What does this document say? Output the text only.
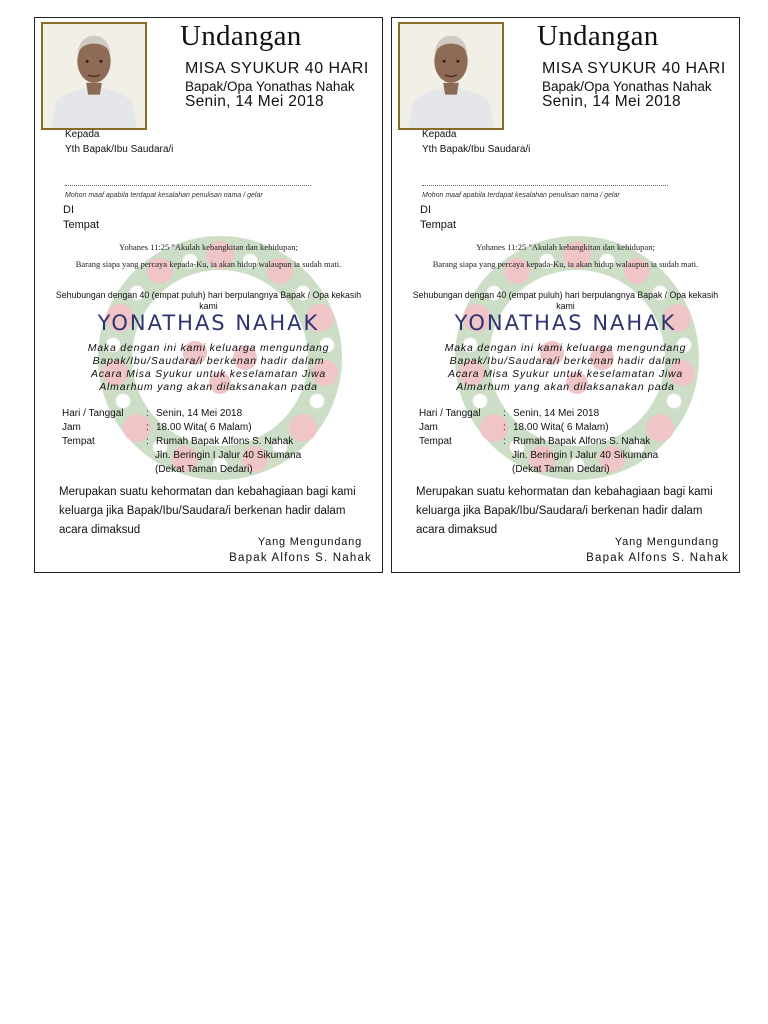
Undangan
MISA SYUKUR 40 HARI
Bapak/Opa Yonathas Nahak
Senin, 14 Mei 2018
Kepada
Yth Bapak/Ibu Saudara/i
Mohon maaf apabila terdapat kesalahan penulisan nama / gelar
DI
Tempat
Yohanes 11:25 "Akulah kebangkitan dan kehidupan;
Barang siapa yang percaya kepada-Ku, ia akan hidup walaupun ia sudah mati.
Sehubungan dengan 40 (empat puluh) hari berpulangnya Bapak / Opa kekasih kami
YONATHAS NAHAK
Maka dengan ini kami keluarga mengundang
Bapak/Ibu/Saudara/i berkenan hadir dalam
Acara Misa Syukur untuk keselamatan Jiwa
Almarhum yang akan dilaksanakan pada
Hari / Tanggal : Senin, 14 Mei 2018
Jam	: 18.00 Wita( 6 Malam)
Tempat	: Rumah Bapak Alfons S. Nahak
Jln. Beringin I Jalur 40 Sikumana
(Dekat Taman Dedari)
Merupakan suatu kehormatan dan kebahagiaan bagi kami keluarga jika Bapak/Ibu/Saudara/i berkenan hadir dalam acara dimaksud
Yang Mengundang
Bapak Alfons S. Nahak
Undangan
MISA SYUKUR 40 HARI
Bapak/Opa Yonathas Nahak
Senin, 14 Mei 2018
Kepada
Yth Bapak/Ibu Saudara/i
Mohon maaf apabila terdapat kesalahan penulisan nama / gelar
DI
Tempat
Yohanes 11:25 "Akulah kebangkitan dan kehidupan;
Barang siapa yang percaya kepada-Ku, ia akan hidup walaupun ia sudah mati.
Sehubungan dengan 40 (empat puluh) hari berpulangnya Bapak / Opa kekasih kami
YONATHAS NAHAK
Maka dengan ini kami keluarga mengundang
Bapak/Ibu/Saudara/i berkenan hadir dalam
Acara Misa Syukur untuk keselamatan Jiwa
Almarhum yang akan dilaksanakan pada
Hari / Tanggal : Senin, 14 Mei 2018
Jam	: 18.00 Wita( 6 Malam)
Tempat	: Rumah Bapak Alfons S. Nahak
Jln. Beringin I Jalur 40 Sikumana
(Dekat Taman Dedari)
Merupakan suatu kehormatan dan kebahagiaan bagi kami keluarga jika Bapak/Ibu/Saudara/i berkenan hadir dalam acara dimaksud
Yang Mengundang
Bapak Alfons S. Nahak
